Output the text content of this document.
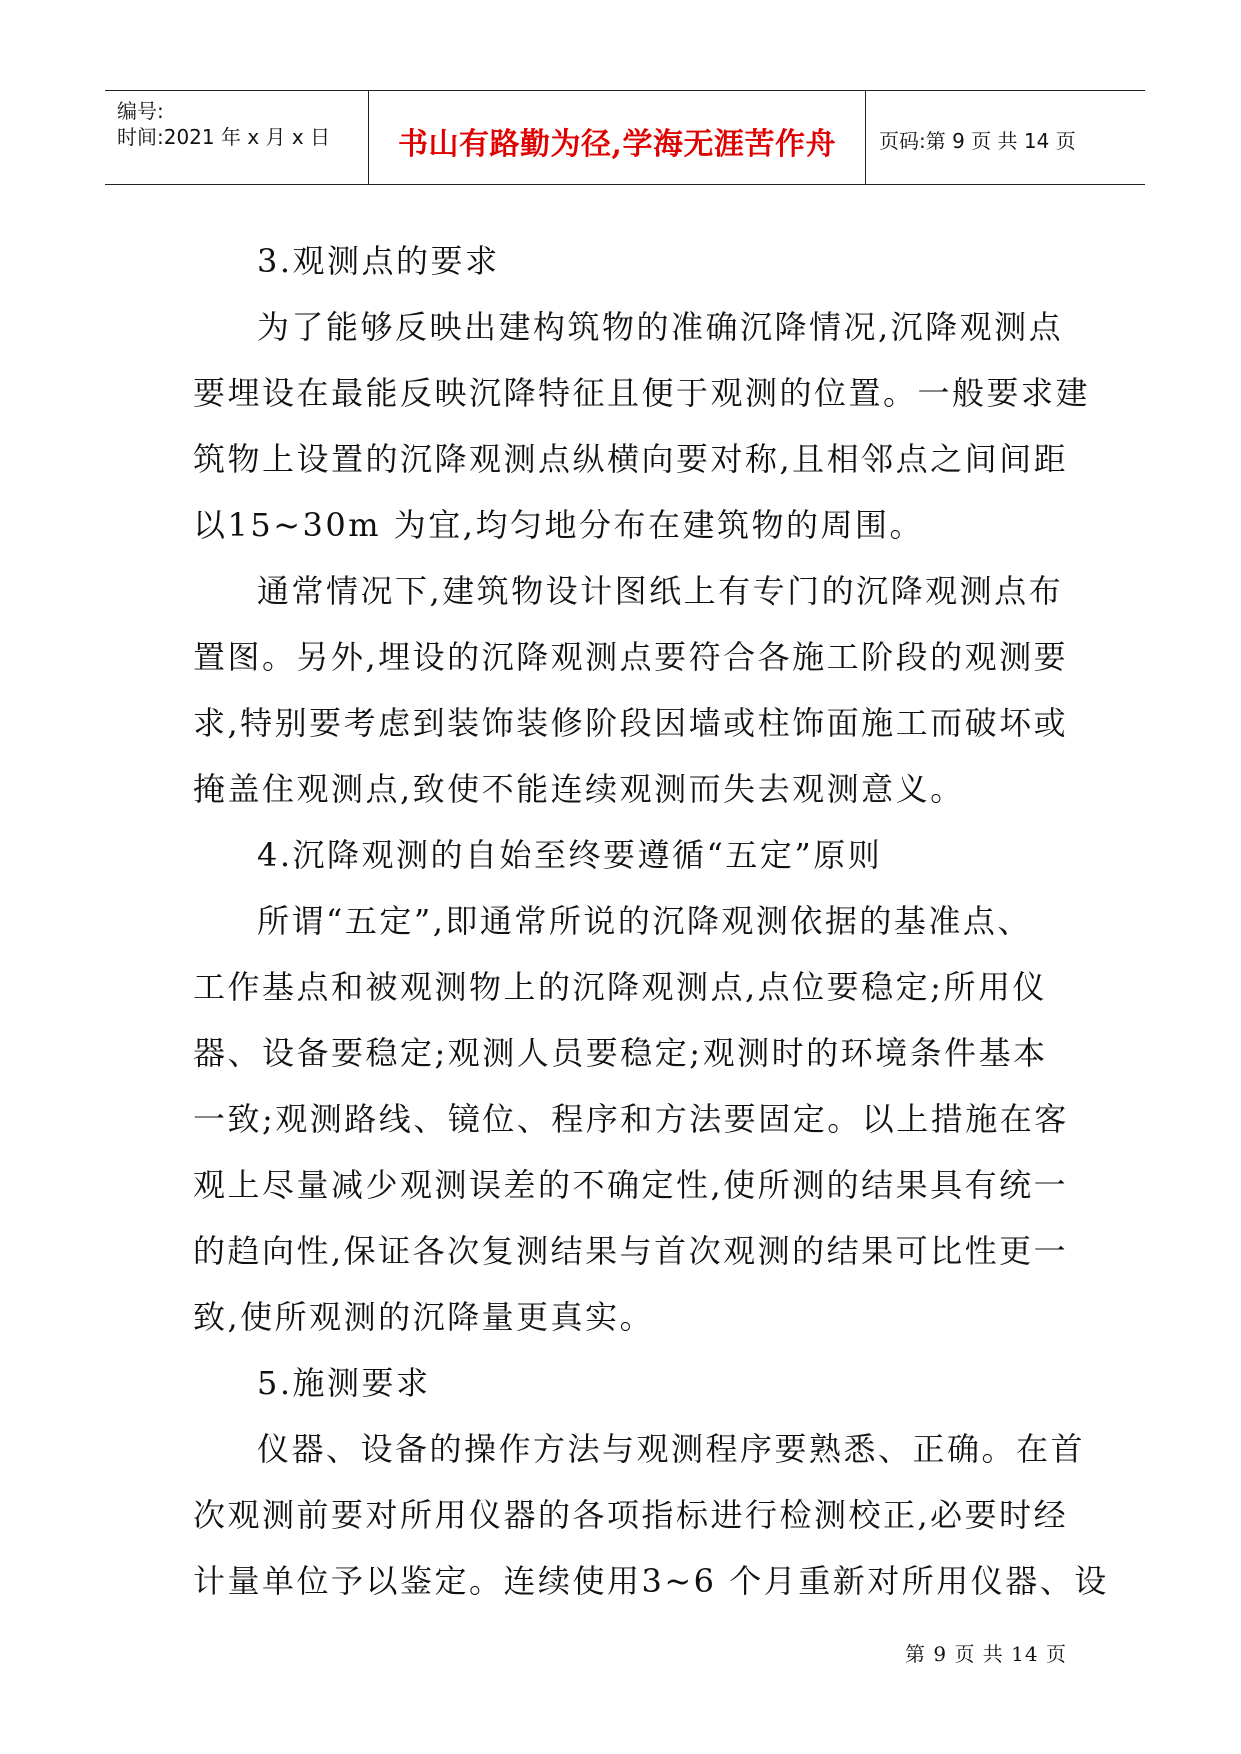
编号:
时间:2021 年 x 月 x 日	书山有路勤为径,学海无涯苦作舟	页码:第 9 页 共 14 页
3.观测点的要求
为了能够反映出建构筑物的准确沉降情况,沉降观测点
要埋设在最能反映沉降特征且便于观测的位置。一般要求建
筑物上设置的沉降观测点纵横向要对称,且相邻点之间间距
以15~30m 为宜,均匀地分布在建筑物的周围。
通常情况下,建筑物设计图纸上有专门的沉降观测点布
置图。另外,埋设的沉降观测点要符合各施工阶段的观测要
求,特别要考虑到装饰装修阶段因墙或柱饰面施工而破坏或
掩盖住观测点,致使不能连续观测而失去观测意义。
4.沉降观测的自始至终要遵循“五定”原则
所谓“五定”,即通常所说的沉降观测依据的基准点、
工作基点和被观测物上的沉降观测点,点位要稳定;所用仪
器、设备要稳定;观测人员要稳定;观测时的环境条件基本
一致;观测路线、镜位、程序和方法要固定。以上措施在客
观上尽量减少观测误差的不确定性,使所测的结果具有统一
的趋向性,保证各次复测结果与首次观测的结果可比性更一
致,使所观测的沉降量更真实。
5.施测要求
仪器、设备的操作方法与观测程序要熟悉、正确。在首
次观测前要对所用仪器的各项指标进行检测校正,必要时经
计量单位予以鉴定。连续使用3~6 个月重新对所用仪器、设
第 9 页 共 14 页
